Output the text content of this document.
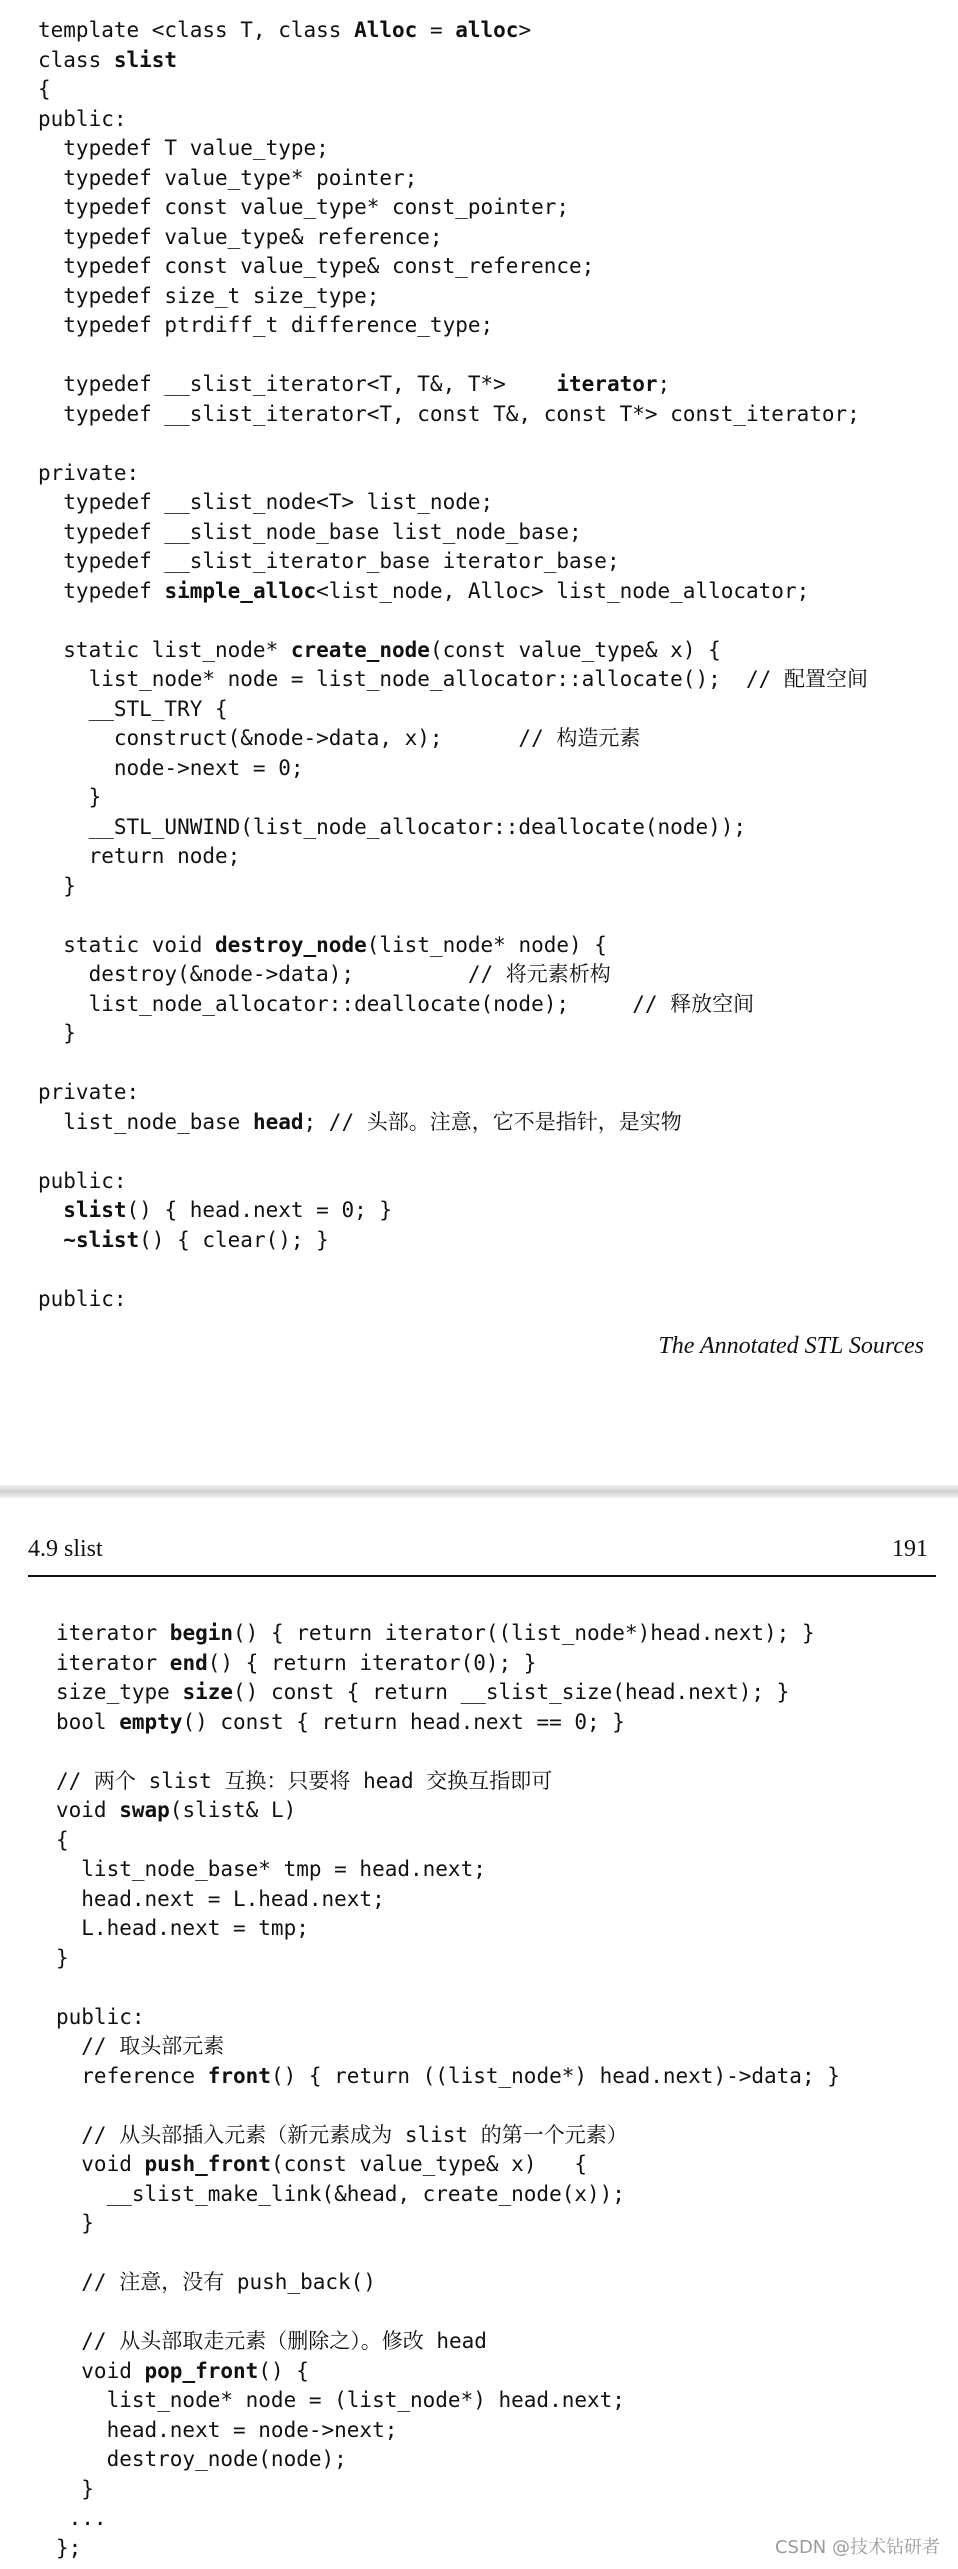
template <class T, class Alloc = alloc>
class slist
{
public:
typedef T value_type;
typedef value_type* pointer;
typedef const value_type* const_pointer;
typedef value_type& reference;
typedef const value_type& const_reference;
typedef size_t size_type;
typedef ptrdiff_t difference_type;
typedef __slist_iterator<T, T&, T*>    iterator;
typedef __slist_iterator<T, const T&, const T*> const_iterator;
private:
typedef __slist_node<T> list_node;
typedef __slist_node_base list_node_base;
typedef __slist_iterator_base iterator_base;
typedef simple_alloc<list_node, Alloc> list_node_allocator;
static list_node* create_node(const value_type& x) {
list_node* node = list_node_allocator::allocate();  // 配置空间
__STL_TRY {
construct(&node->data, x);      // 构造元素
node->next = 0;
}
__STL_UNWIND(list_node_allocator::deallocate(node));
return node;
}
static void destroy_node(list_node* node) {
destroy(&node->data);         // 将元素析构
list_node_allocator::deallocate(node);     // 释放空间
}
private:
list_node_base head; // 头部。注意，它不是指针，是实物
public:
slist() { head.next = 0; }
~slist() { clear(); }
public:
The Annotated STL Sources
4.9 slist	191
iterator begin() { return iterator((list_node*)head.next); }
iterator end() { return iterator(0); }
size_type size() const { return __slist_size(head.next); }
bool empty() const { return head.next == 0; }
// 两个 slist 互换：只要将 head 交换互指即可
void swap(slist& L)
{
list_node_base* tmp = head.next;
head.next = L.head.next;
L.head.next = tmp;
}
public:
// 取头部元素
reference front() { return ((list_node*) head.next)->data; }
// 从头部插入元素（新元素成为 slist 的第一个元素）
void push_front(const value_type& x)   {
__slist_make_link(&head, create_node(x));
}
// 注意，没有 push_back()
// 从头部取走元素（删除之）。修改 head
void pop_front() {
list_node* node = (list_node*) head.next;
head.next = node->next;
destroy_node(node);
}
...
};	CSDN @技术钻研者
